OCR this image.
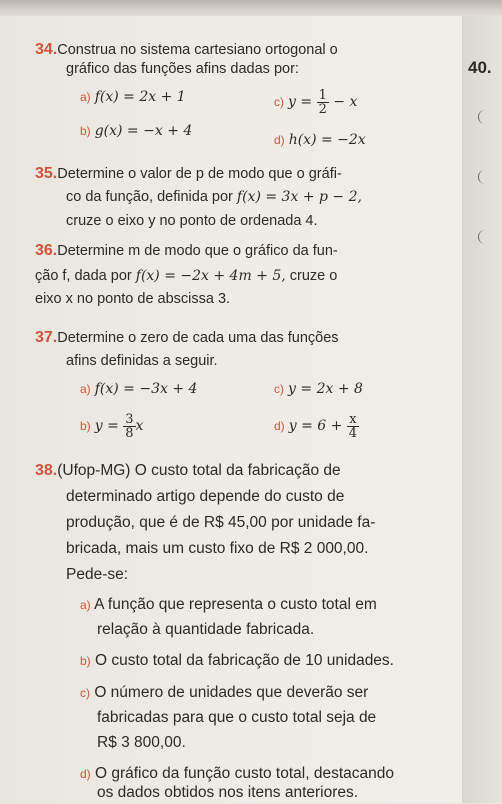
40.
34.Construa no sistema cartesiano ortogonal o
gráfico das funções afins dadas por:
a) f(x) = 2x + 1
b) g(x) = −x + 4
c) $y = \frac{1}{2} - x$
d) h(x) = −2x
35.Determine o valor de p de modo que o gráfi-
co da função, definida por f(x) = 3x + p − 2,
cruze o eixo y no ponto de ordenada 4.
36.Determine m de modo que o gráfico da fun-
ção f, dada por f(x) = −2x + 4m + 5, cruze o
eixo x no ponto de abscissa 3.
37.Determine o zero de cada uma das funções
afins definidas a seguir.
a) f(x) = −3x + 4
b) $y = \frac{3}{8}$ x
c) y = 2x + 8
d) $y = 6 + \frac{x}{4}$
38.(Ufop-MG) O custo total da fabricação de
determinado artigo depende do custo de
produção, que é de R$ 45,00 por unidade fa-
bricada, mais um custo fixo de R$ 2 000,00.
Pede-se:
a) A função que representa o custo total em
relação à quantidade fabricada.
b) O custo total da fabricação de 10 unidades.
c) O número de unidades que deverão ser
fabricadas para que o custo total seja de
R$ 3 800,00.
d) O gráfico da função custo total, destacando
os dados obtidos nos itens anteriores.
